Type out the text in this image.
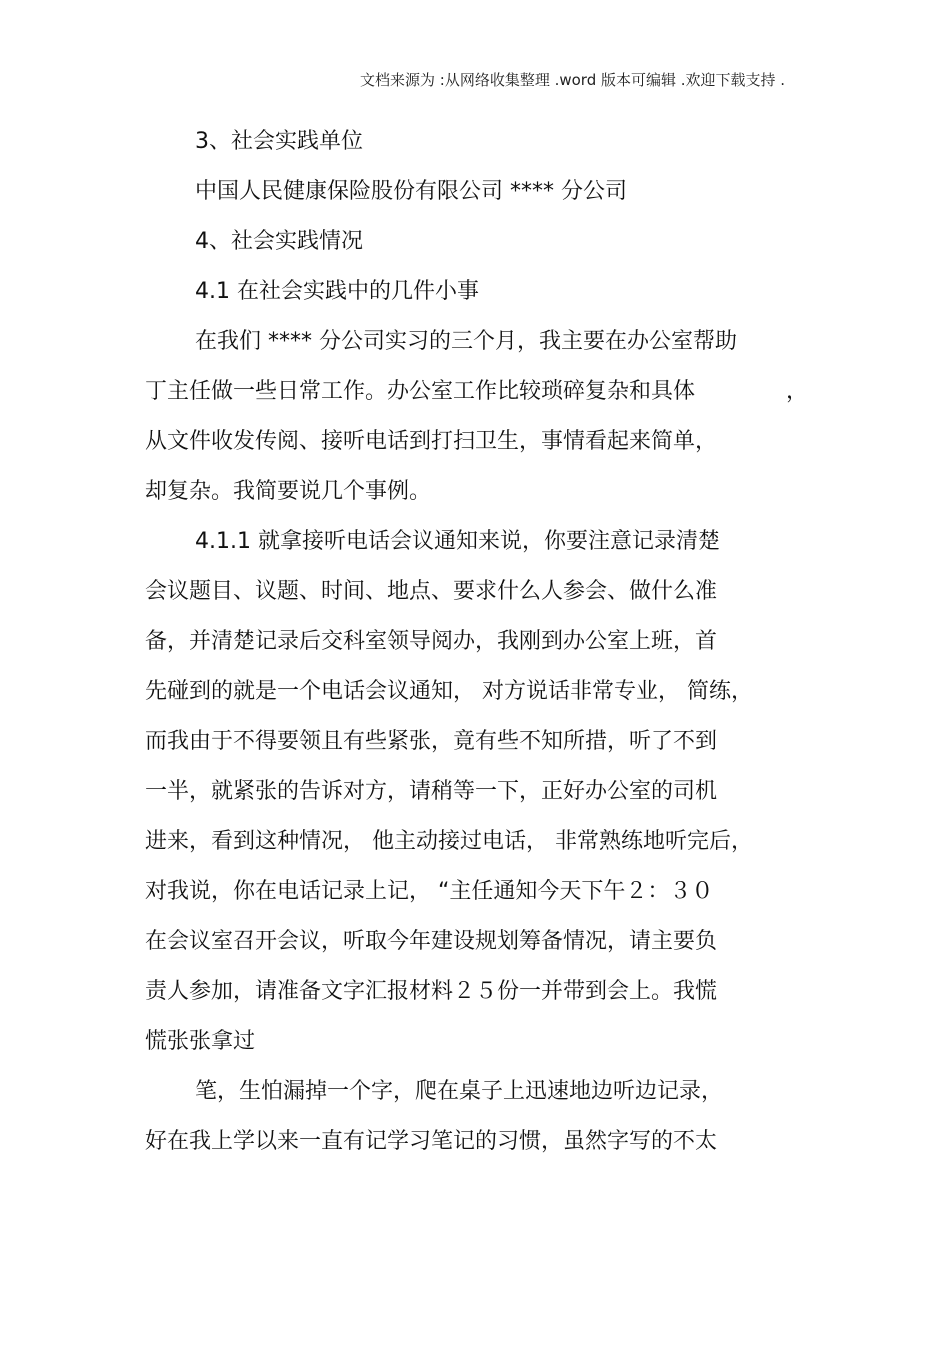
文档来源为 :从网络收集整理 .word 版本可编辑 .欢迎下载支持 .
3、社会实践单位
中国人民健康保险股份有限公司 **** 分公司
4、社会实践情况
4.1 在社会实践中的几件小事
在我们 **** 分公司实习的三个月，我主要在办公室帮助
丁主任做一些日常工作。办公室工作比较琐碎复杂和具体	，
从文件收发传阅、接听电话到打扫卫生，事情看起来简单，
却复杂。我简要说几个事例。
4.1.1 就拿接听电话会议通知来说，你要注意记录清楚
会议题目、议题、时间、地点、要求什么人参会、做什么准
备，并清楚记录后交科室领导阅办，我刚到办公室上班，首
先碰到的就是一个电话会议通知， 对方说话非常专业， 简练，
而我由于不得要领且有些紧张，竟有些不知所措，听了不到
一半，就紧张的告诉对方，请稍等一下，正好办公室的司机
进来，看到这种情况， 他主动接过电话， 非常熟练地听完后，
对我说，你在电话记录上记， “主任通知今天下午２：３０
在会议室召开会议，听取今年建设规划筹备情况，请主要负
责人参加，请准备文字汇报材料２５份一并带到会上。我慌
慌张张拿过
笔，生怕漏掉一个字，爬在桌子上迅速地边听边记录，
好在我上学以来一直有记学习笔记的习惯，虽然字写的不太
